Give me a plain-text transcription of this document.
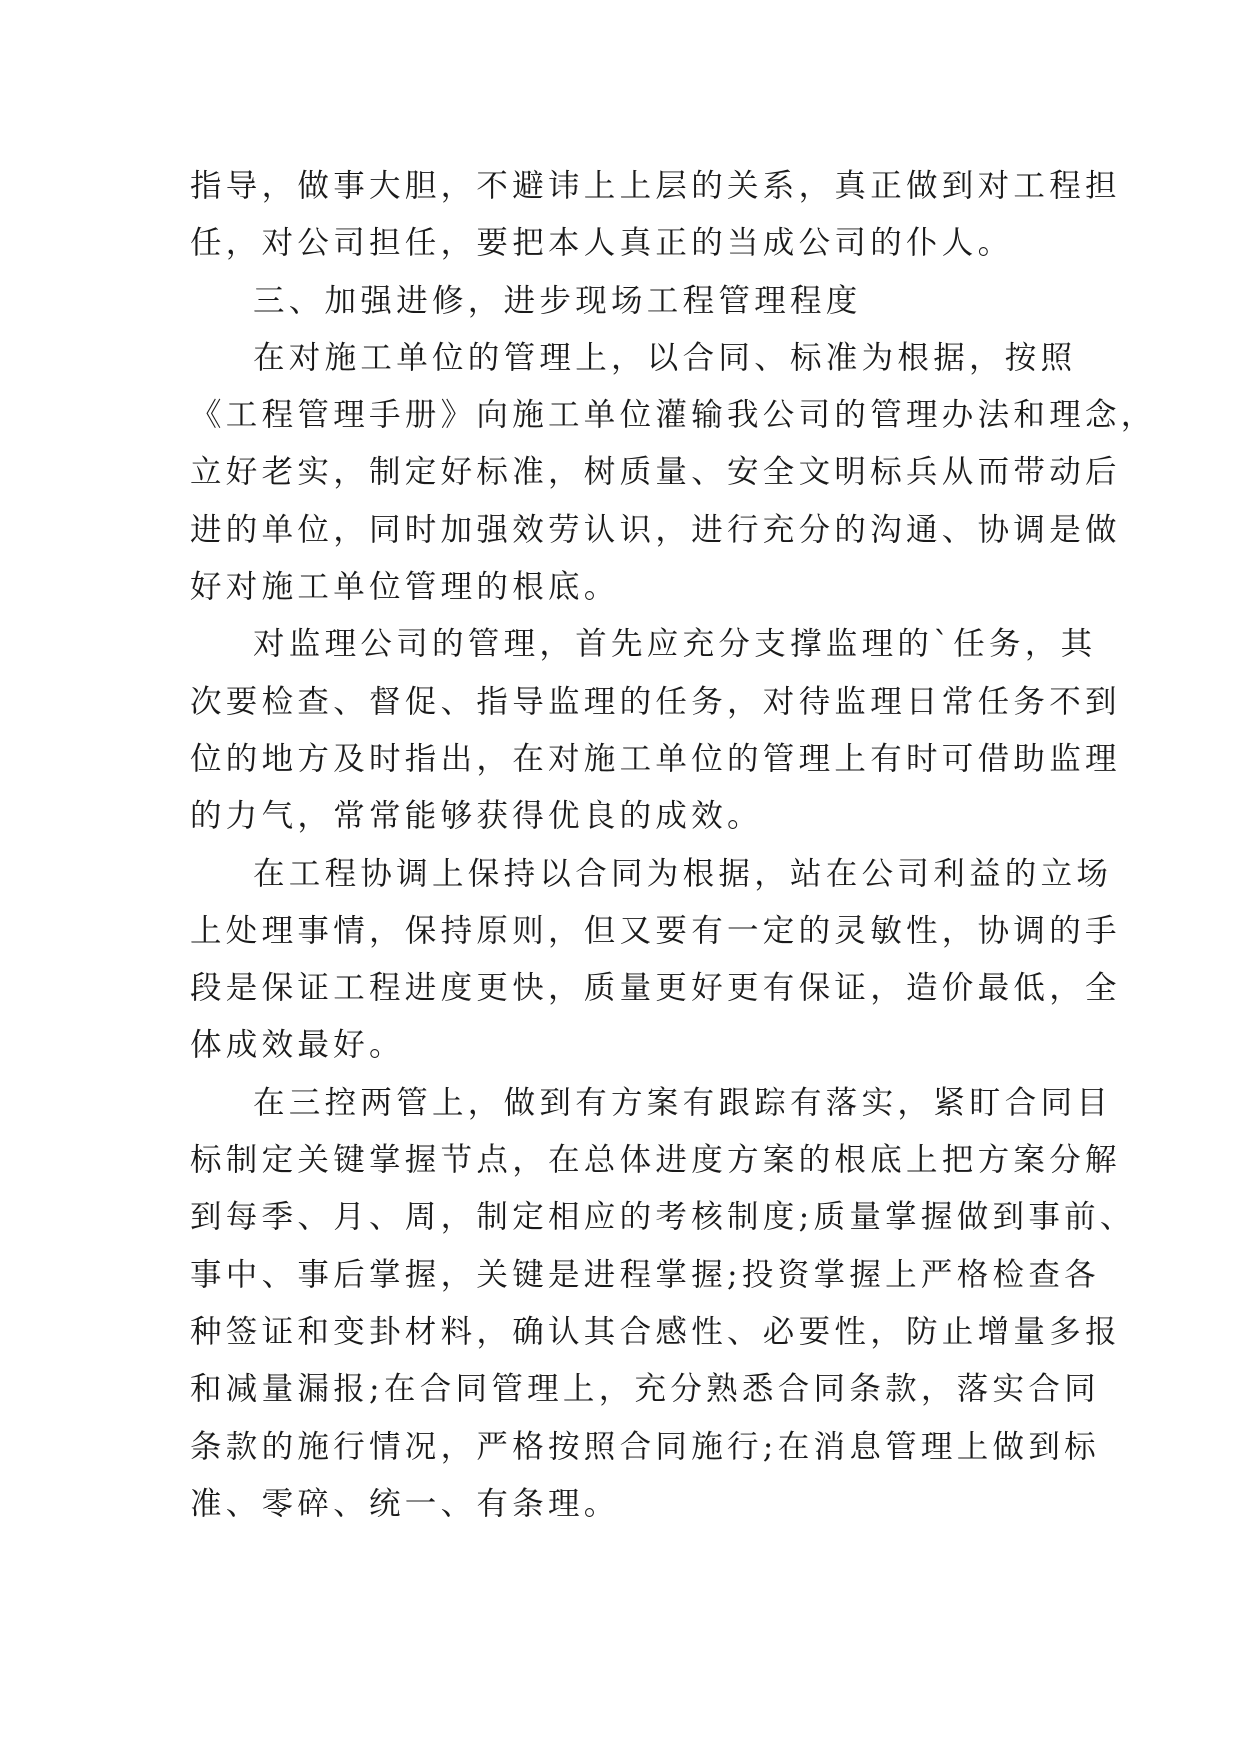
指导，做事大胆，不避讳上上层的关系，真正做到对工程担
任，对公司担任，要把本人真正的当成公司的仆人。
三、加强进修，进步现场工程管理程度
在对施工单位的管理上，以合同、标准为根据，按照
《工程管理手册》向施工单位灌输我公司的管理办法和理念，
立好老实，制定好标准，树质量、安全文明标兵从而带动后
进的单位，同时加强效劳认识，进行充分的沟通、协调是做
好对施工单位管理的根底。
对监理公司的管理，首先应充分支撑监理的`任务，其
次要检查、督促、指导监理的任务，对待监理日常任务不到
位的地方及时指出，在对施工单位的管理上有时可借助监理
的力气，常常能够获得优良的成效。
在工程协调上保持以合同为根据，站在公司利益的立场
上处理事情，保持原则，但又要有一定的灵敏性，协调的手
段是保证工程进度更快，质量更好更有保证，造价最低，全
体成效最好。
在三控两管上，做到有方案有跟踪有落实，紧盯合同目
标制定关键掌握节点，在总体进度方案的根底上把方案分解
到每季、月、周，制定相应的考核制度;质量掌握做到事前、
事中、事后掌握，关键是进程掌握;投资掌握上严格检查各
种签证和变卦材料，确认其合感性、必要性，防止增量多报
和减量漏报;在合同管理上，充分熟悉合同条款，落实合同
条款的施行情况，严格按照合同施行;在消息管理上做到标
准、零碎、统一、有条理。
